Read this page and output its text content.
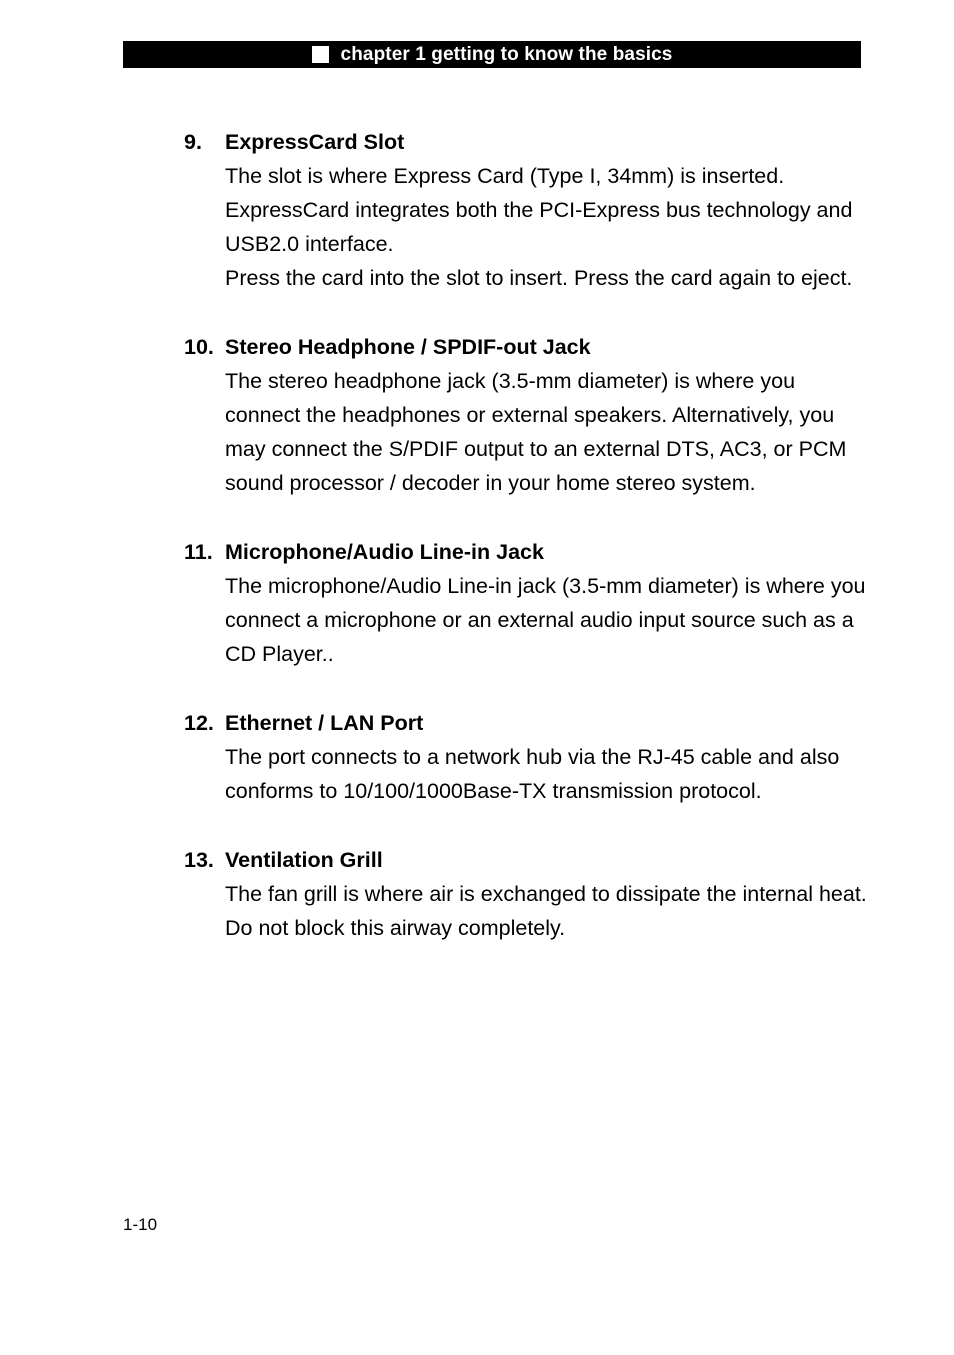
chapter 1 getting to know the basics
9. ExpressCard Slot

The slot is where Express Card (Type I, 34mm) is inserted. ExpressCard integrates both the PCI-Express bus technology and USB2.0 interface.

Press the card into the slot to insert. Press the card again to eject.

10. Stereo Headphone / SPDIF-out Jack

The stereo headphone jack (3.5-mm diameter) is where you connect the headphones or external speakers. Alternatively, you may connect the S/PDIF output to an external DTS, AC3, or PCM sound processor / decoder in your home stereo system.

11. Microphone/Audio Line-in Jack

The microphone/Audio Line-in jack (3.5-mm diameter) is where you connect a microphone or an external audio input source such as a CD Player..

12. Ethernet / LAN Port

The port connects to a network hub via the RJ-45 cable and also conforms to 10/100/1000Base-TX transmission protocol.

13. Ventilation Grill

The fan grill is where air is exchanged to dissipate the internal heat. Do not block this airway completely.

1-10
